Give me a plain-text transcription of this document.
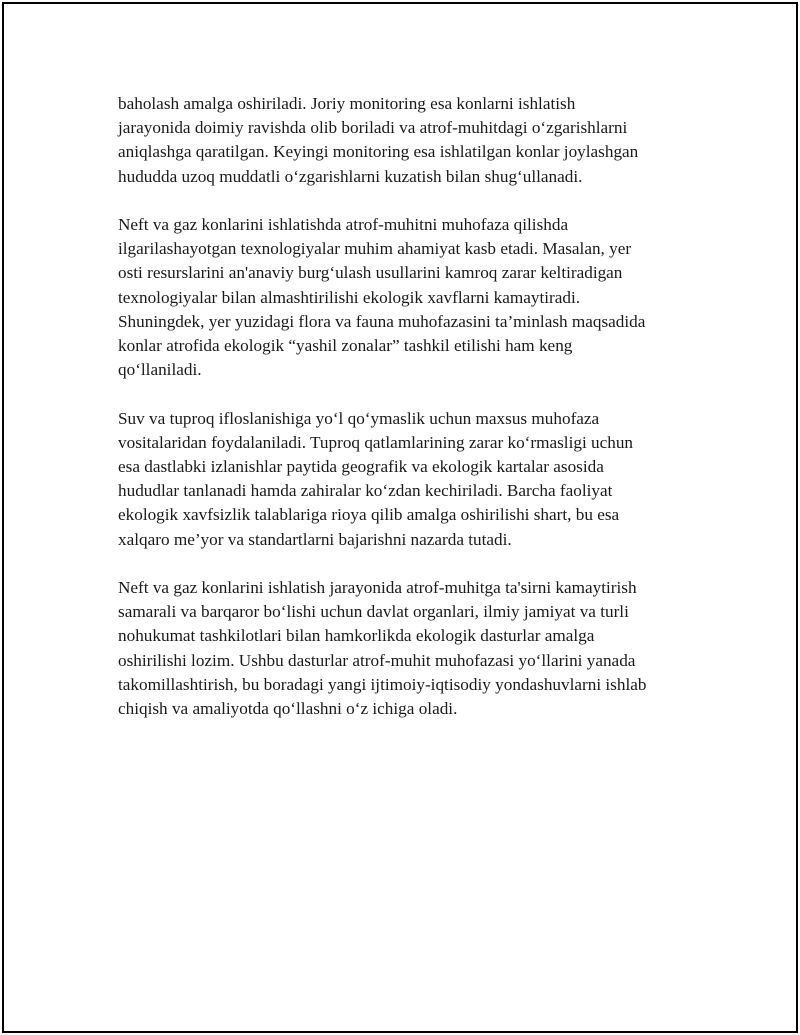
baholash amalga oshiriladi. Joriy monitoring esa konlarni ishlatish
jarayonida doimiy ravishda olib boriladi va atrof-muhitdagi o‘zgarishlarni
aniqlashga qaratilgan. Keyingi monitoring esa ishlatilgan konlar joylashgan
hududda uzoq muddatli o‘zgarishlarni kuzatish bilan shug‘ullanadi.

Neft va gaz konlarini ishlatishda atrof-muhitni muhofaza qilishda
ilgarilashayotgan texnologiyalar muhim ahamiyat kasb etadi. Masalan, yer
osti resurslarini an'anaviy burg‘ulash usullarini kamroq zarar keltiradigan
texnologiyalar bilan almashtirilishi ekologik xavflarni kamaytiradi.
Shuningdek, yer yuzidagi flora va fauna muhofazasini ta’minlash maqsadida
konlar atrofida ekologik “yashil zonalar” tashkil etilishi ham keng
qo‘llaniladi.

Suv va tuproq ifloslanishiga yo‘l qo‘ymaslik uchun maxsus muhofaza
vositalaridan foydalaniladi. Tuproq qatlamlarining zarar ko‘rmasligi uchun
esa dastlabki izlanishlar paytida geografik va ekologik kartalar asosida
hududlar tanlanadi hamda zahiralar ko‘zdan kechiriladi. Barcha faoliyat
ekologik xavfsizlik talablariga rioya qilib amalga oshirilishi shart, bu esa
xalqaro me’yor va standartlarni bajarishni nazarda tutadi.

Neft va gaz konlarini ishlatish jarayonida atrof-muhitga ta'sirni kamaytirish
samarali va barqaror bo‘lishi uchun davlat organlari, ilmiy jamiyat va turli
nohukumat tashkilotlari bilan hamkorlikda ekologik dasturlar amalga
oshirilishi lozim. Ushbu dasturlar atrof-muhit muhofazasi yo‘llarini yanada
takomillashtirish, bu boradagi yangi ijtimoiy-iqtisodiy yondashuvlarni ishlab
chiqish va amaliyotda qo‘llashni o‘z ichiga oladi.
